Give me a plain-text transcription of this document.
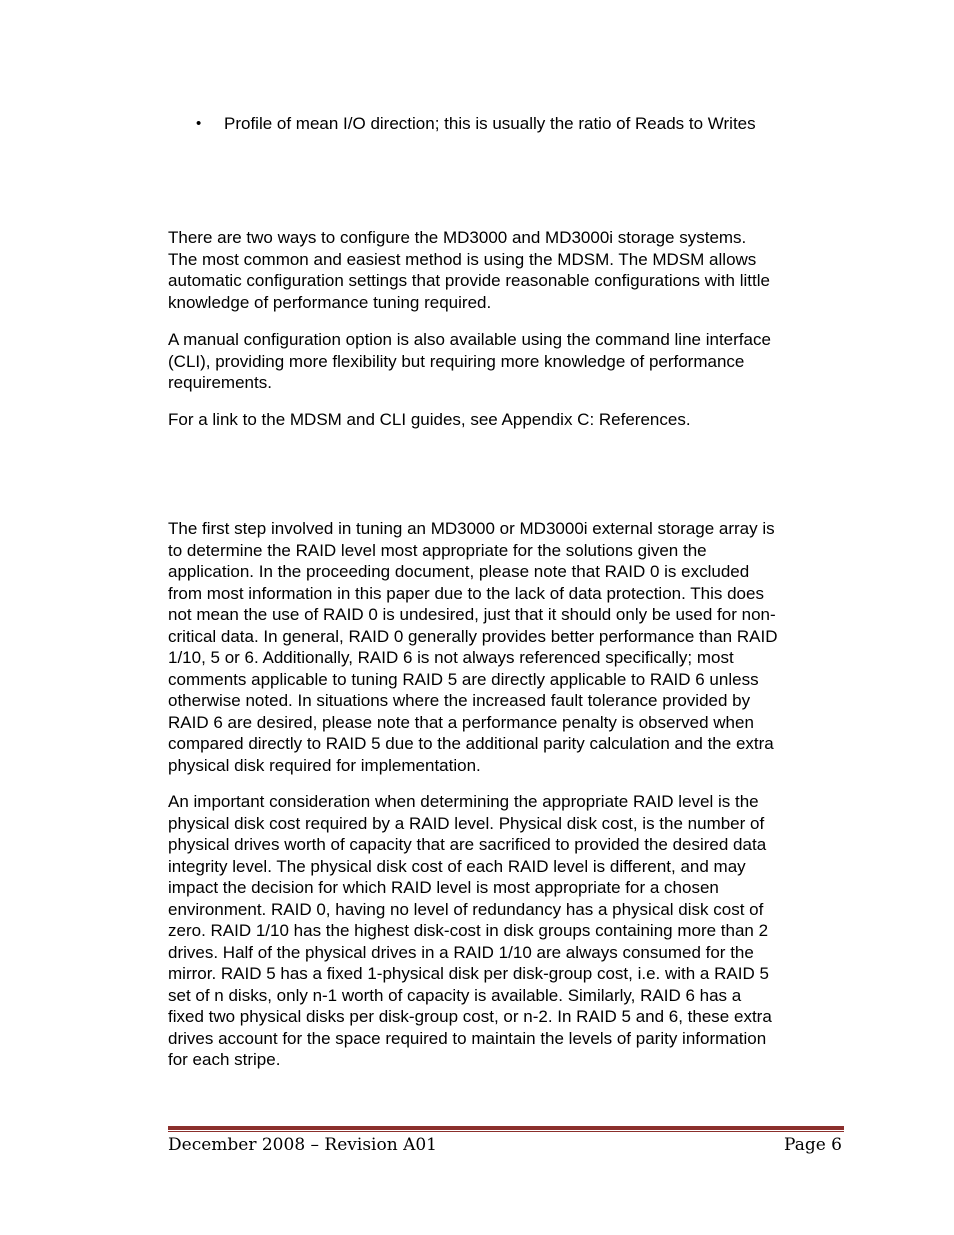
•	Profile of mean I/O direction; this is usually the ratio of Reads to Writes

There are two ways to configure the MD3000 and MD3000i storage systems.
The most common and easiest method is using the MDSM. The MDSM allows
automatic configuration settings that provide reasonable configurations with little
knowledge of performance tuning required.

A manual configuration option is also available using the command line interface
(CLI), providing more flexibility but requiring more knowledge of performance
requirements.

For a link to the MDSM and CLI guides, see Appendix C: References.

The first step involved in tuning an MD3000 or MD3000i external storage array is
to determine the RAID level most appropriate for the solutions given the
application. In the proceeding document, please note that RAID 0 is excluded
from most information in this paper due to the lack of data protection. This does
not mean the use of RAID 0 is undesired, just that it should only be used for non-
critical data. In general, RAID 0 generally provides better performance than RAID
1/10, 5 or 6. Additionally, RAID 6 is not always referenced specifically; most
comments applicable to tuning RAID 5 are directly applicable to RAID 6 unless
otherwise noted. In situations where the increased fault tolerance provided by
RAID 6 are desired, please note that a performance penalty is observed when
compared directly to RAID 5 due to the additional parity calculation and the extra
physical disk required for implementation.

An important consideration when determining the appropriate RAID level is the
physical disk cost required by a RAID level. Physical disk cost, is the number of
physical drives worth of capacity that are sacrificed to provided the desired data
integrity level. The physical disk cost of each RAID level is different, and may
impact the decision for which RAID level is most appropriate for a chosen
environment. RAID 0, having no level of redundancy has a physical disk cost of
zero. RAID 1/10 has the highest disk-cost in disk groups containing more than 2
drives. Half of the physical drives in a RAID 1/10 are always consumed for the
mirror. RAID 5 has a fixed 1-physical disk per disk-group cost, i.e. with a RAID 5
set of n disks, only n-1 worth of capacity is available. Similarly, RAID 6 has a
fixed two physical disks per disk-group cost, or n-2. In RAID 5 and 6, these extra
drives account for the space required to maintain the levels of parity information
for each stripe.

December 2008 – Revision A01	Page 6
